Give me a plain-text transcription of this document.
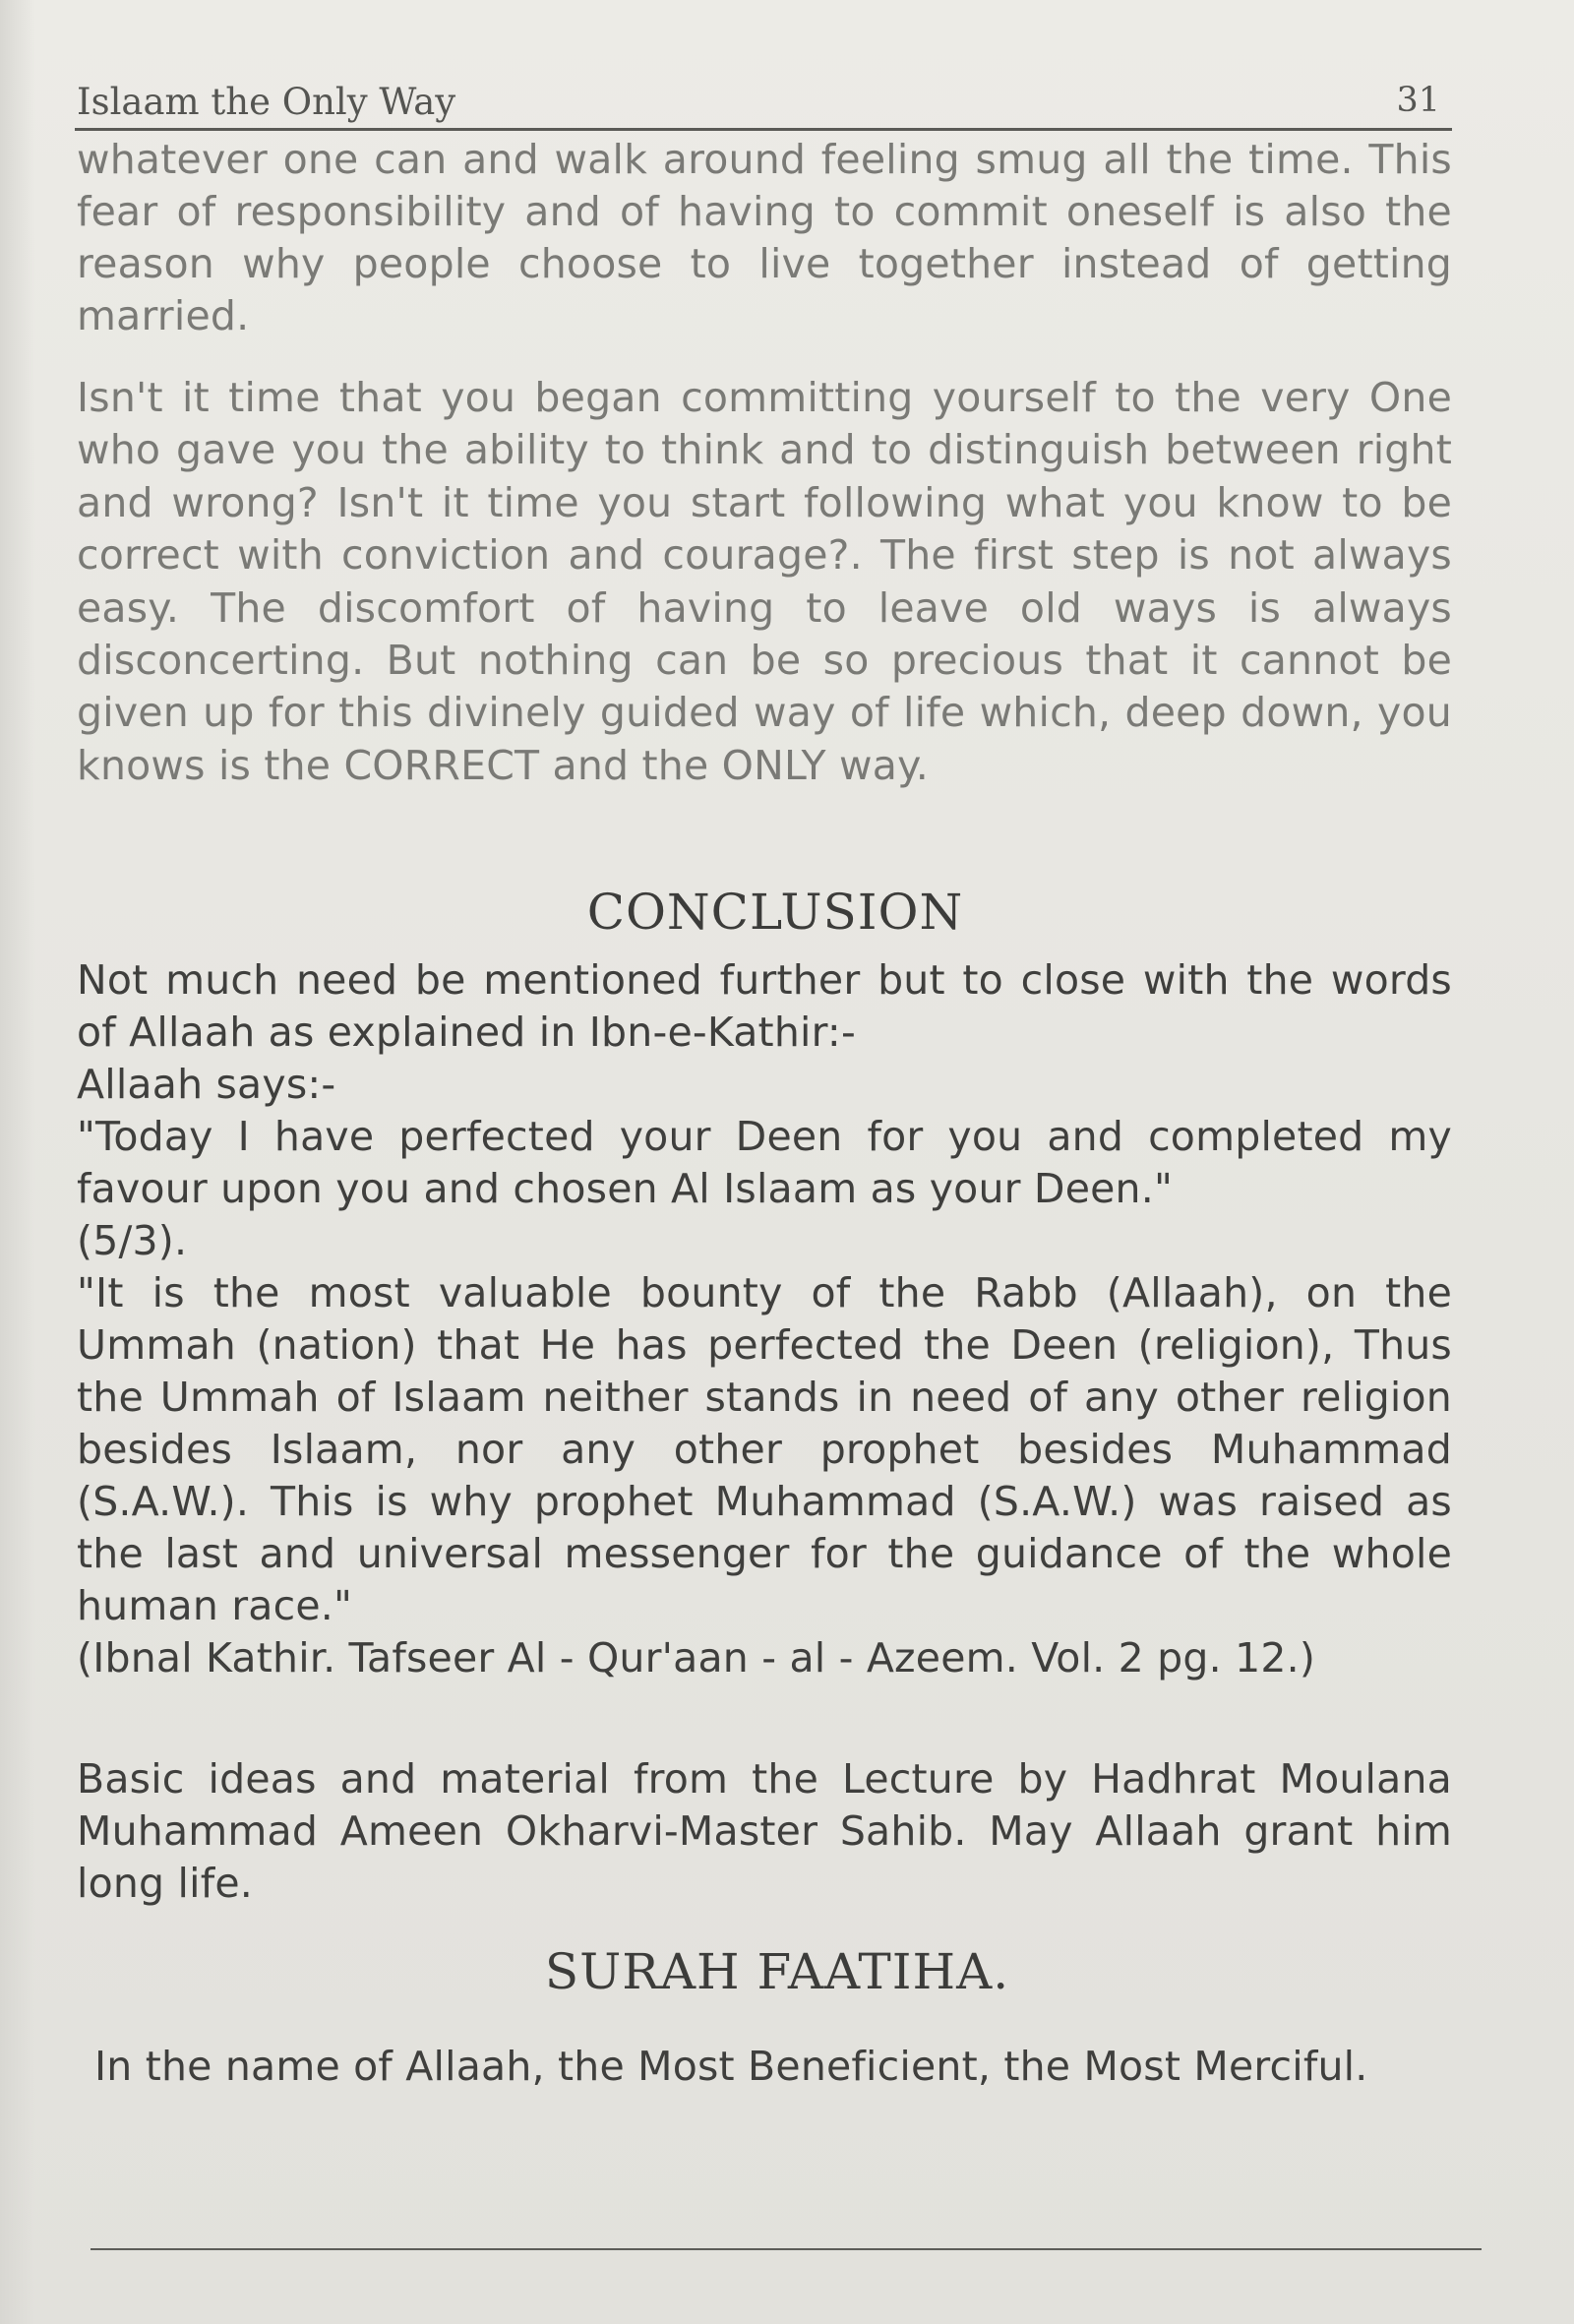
Islaam the Only Way	31

whatever one can and walk around feeling smug all the time. This fear of responsibility and of having to commit oneself is also the reason why people choose to live together instead of getting married.

Isn't it time that you began committing yourself to the very One who gave you the ability to think and to distinguish between right and wrong? Isn't it time you start following what you know to be correct with conviction and courage?. The first step is not always easy. The discomfort of having to leave old ways is always disconcerting. But nothing can be so precious that it cannot be given up for this divinely guided way of life which, deep down, you knows is the CORRECT and the ONLY way.

CONCLUSION
Not much need be mentioned further but to close with the words of Allaah as explained in Ibn-e-Kathir:-
Allaah says:-
"Today I have perfected your Deen for you and completed my favour upon you and chosen Al Islaam as your Deen."
(5/3).
"It is the most valuable bounty of the Rabb (Allaah), on the Ummah (nation) that He has perfected the Deen (religion), Thus the Ummah of Islaam neither stands in need of any other religion besides Islaam, nor any other prophet besides Muhammad (S.A.W.). This is why prophet Muhammad (S.A.W.) was raised as the last and universal messenger for the guidance of the whole human race."
(Ibnal Kathir. Tafseer Al - Qur'aan - al - Azeem. Vol. 2 pg. 12.)

Basic ideas and material from the Lecture by Hadhrat Moulana Muhammad Ameen Okharvi-Master Sahib. May Allaah grant him long life.

SURAH FAATIHA.

In the name of Allaah, the Most Beneficient, the Most Merciful.
